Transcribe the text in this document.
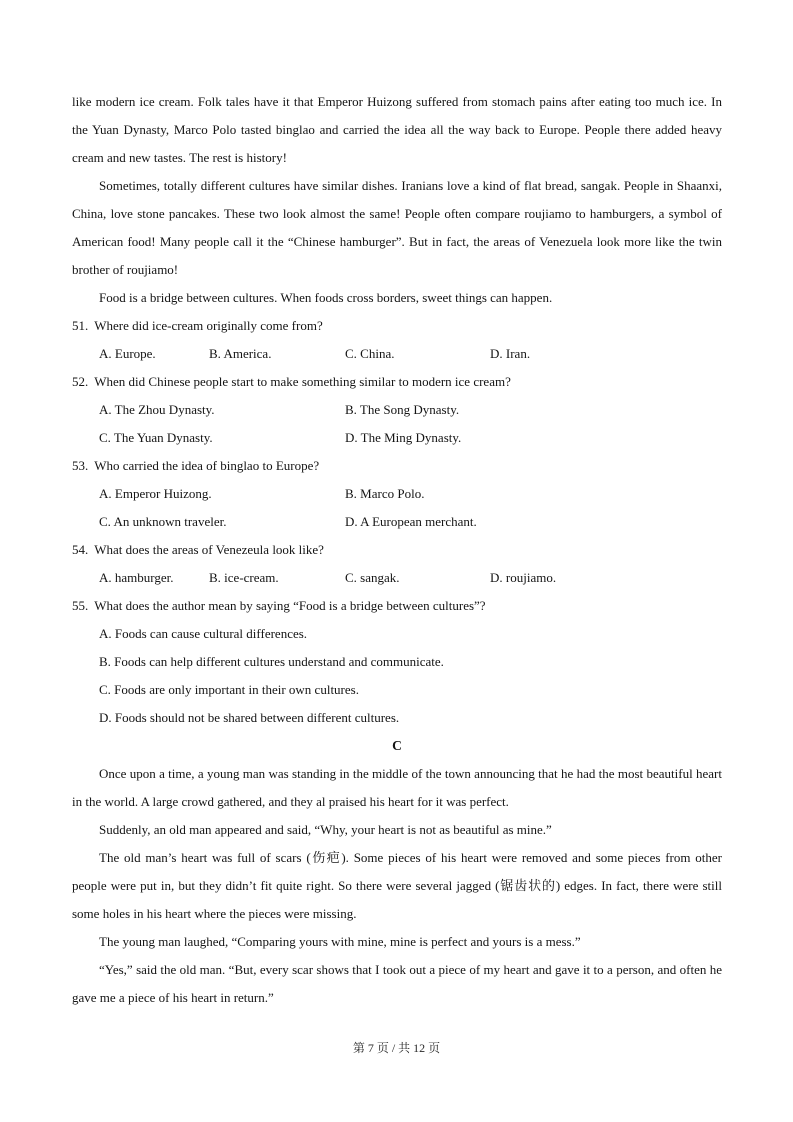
like modern ice cream. Folk tales have it that Emperor Huizong suffered from stomach pains after eating too much ice. In the Yuan Dynasty, Marco Polo tasted binglao and carried the idea all the way back to Europe. People there added heavy cream and new tastes. The rest is history!

Sometimes, totally different cultures have similar dishes. Iranians love a kind of flat bread, sangak. People in Shaanxi, China, love stone pancakes. These two look almost the same! People often compare roujiamo to hamburgers, a symbol of American food! Many people call it the “Chinese hamburger”. But in fact, the areas of Venezuela look more like the twin brother of roujiamo!

Food is a bridge between cultures. When foods cross borders, sweet things can happen.

51. Where did ice-cream originally come from?

A. Europe.	B. America.	C. China.	D. Iran.

52. When did Chinese people start to make something similar to modern ice cream?

A. The Zhou Dynasty.	B. The Song Dynasty.
C. The Yuan Dynasty.	D. The Ming Dynasty.

53. Who carried the idea of binglao to Europe?

A. Emperor Huizong.	B. Marco Polo.
C. An unknown traveler.	D. A European merchant.

54. What does the areas of Venezeula look like?

A. hamburger.	B. ice-cream.	C. sangak.	D. roujiamo.

55. What does the author mean by saying “Food is a bridge between cultures”?

A. Foods can cause cultural differences.

B. Foods can help different cultures understand and communicate.

C. Foods are only important in their own cultures.

D. Foods should not be shared between different cultures.

C

Once upon a time, a young man was standing in the middle of the town announcing that he had the most beautiful heart in the world. A large crowd gathered, and they al praised his heart for it was perfect.

Suddenly, an old man appeared and said, “Why, your heart is not as beautiful as mine.”

The old man’s heart was full of scars (伤疤). Some pieces of his heart were removed and some pieces from other people were put in, but they didn’t fit quite right. So there were several jagged (锯齿状的) edges. In fact, there were still some holes in his heart where the pieces were missing.

The young man laughed, “Comparing yours with mine, mine is perfect and yours is a mess.”

“Yes,” said the old man. “But, every scar shows that I took out a piece of my heart and gave it to a person, and often he gave me a piece of his heart in return.”

第 7 页 / 共 12 页
